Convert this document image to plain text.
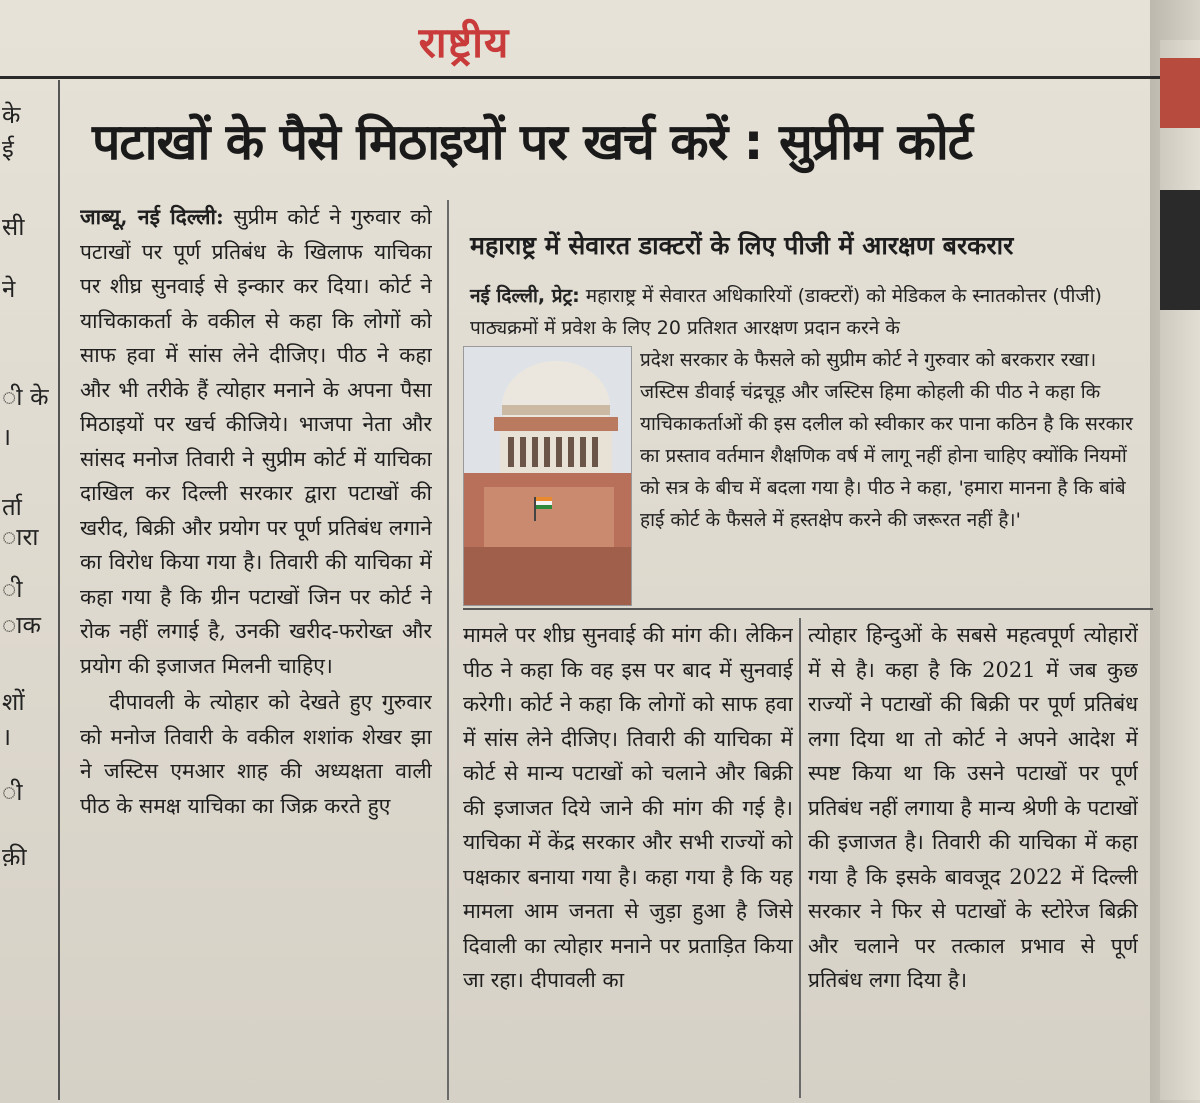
राष्ट्रीय
के
ई
सी
ने
ी के
।
र्ता
ारा
ी
ाक
शों
।
ी
क़ी
पटाखों के पैसे मिठाइयों पर खर्च करें : सुप्रीम कोर्ट

जाब्यू, नई दिल्ली: सुप्रीम कोर्ट ने गुरुवार को पटाखों पर पूर्ण प्रतिबंध के खिलाफ याचिका पर शीघ्र सुनवाई से इन्कार कर दिया। कोर्ट ने याचिकाकर्ता के वकील से कहा कि लोगों को साफ हवा में सांस लेने दीजिए। पीठ ने कहा और भी तरीके हैं त्योहार मनाने के अपना पैसा मिठाइयों पर खर्च कीजिये। भाजपा नेता और सांसद मनोज तिवारी ने सुप्रीम कोर्ट में याचिका दाखिल कर दिल्ली सरकार द्वारा पटाखों की खरीद, बिक्री और प्रयोग पर पूर्ण प्रतिबंध लगाने का विरोध किया गया है। तिवारी की याचिका में कहा गया है कि ग्रीन पटाखों जिन पर कोर्ट ने रोक नहीं लगाई है, उनकी खरीद-फरोख्त और प्रयोग की इजाजत मिलनी चाहिए।

दीपावली के त्योहार को देखते हुए गुरुवार को मनोज तिवारी के वकील शशांक शेखर झा ने जस्टिस एमआर शाह की अध्यक्षता वाली पीठ के समक्ष याचिका का जिक्र करते हुए

महाराष्ट्र में सेवारत डाक्टरों के लिए पीजी में आरक्षण बरकरार
नई दिल्ली, प्रेट्र: महाराष्ट्र में सेवारत अधिकारियों (डाक्टरों) को मेडिकल के स्नातकोत्तर (पीजी) पाठ्यक्रमों में प्रवेश के लिए 20 प्रतिशत आरक्षण प्रदान करने के
प्रदेश सरकार के फैसले को सुप्रीम कोर्ट ने गुरुवार को बरकरार रखा। जस्टिस डीवाई चंद्रचूड़ और जस्टिस हिमा कोहली की पीठ ने कहा कि याचिकाकर्ताओं की इस दलील को स्वीकार कर पाना कठिन है कि सरकार का प्रस्ताव वर्तमान शैक्षणिक वर्ष में लागू नहीं होना चाहिए क्योंकि नियमों को सत्र के बीच में बदला गया है। पीठ ने कहा, 'हमारा मानना है कि बांबे हाई कोर्ट के फैसले में हस्तक्षेप करने की जरूरत नहीं है।'
मामले पर शीघ्र सुनवाई की मांग की। लेकिन पीठ ने कहा कि वह इस पर बाद में सुनवाई करेगी। कोर्ट ने कहा कि लोगों को साफ हवा में सांस लेने दीजिए। तिवारी की याचिका में कोर्ट से मान्य पटाखों को चलाने और बिक्री की इजाजत दिये जाने की मांग की गई है। याचिका में केंद्र सरकार और सभी राज्यों को पक्षकार बनाया गया है। कहा गया है कि यह मामला आम जनता से जुड़ा हुआ है जिसे दिवाली का त्योहार मनाने पर प्रताड़ित किया जा रहा। दीपावली का
त्योहार हिन्दुओं के सबसे महत्वपूर्ण त्योहारों में से है। कहा है कि 2021 में जब कुछ राज्यों ने पटाखों की बिक्री पर पूर्ण प्रतिबंध लगा दिया था तो कोर्ट ने अपने आदेश में स्पष्ट किया था कि उसने पटाखों पर पूर्ण प्रतिबंध नहीं लगाया है मान्य श्रेणी के पटाखों की इजाजत है। तिवारी की याचिका में कहा गया है कि इसके बावजूद 2022 में दिल्ली सरकार ने फिर से पटाखों के स्टोरेज बिक्री और चलाने पर तत्काल प्रभाव से पूर्ण प्रतिबंध लगा दिया है।
